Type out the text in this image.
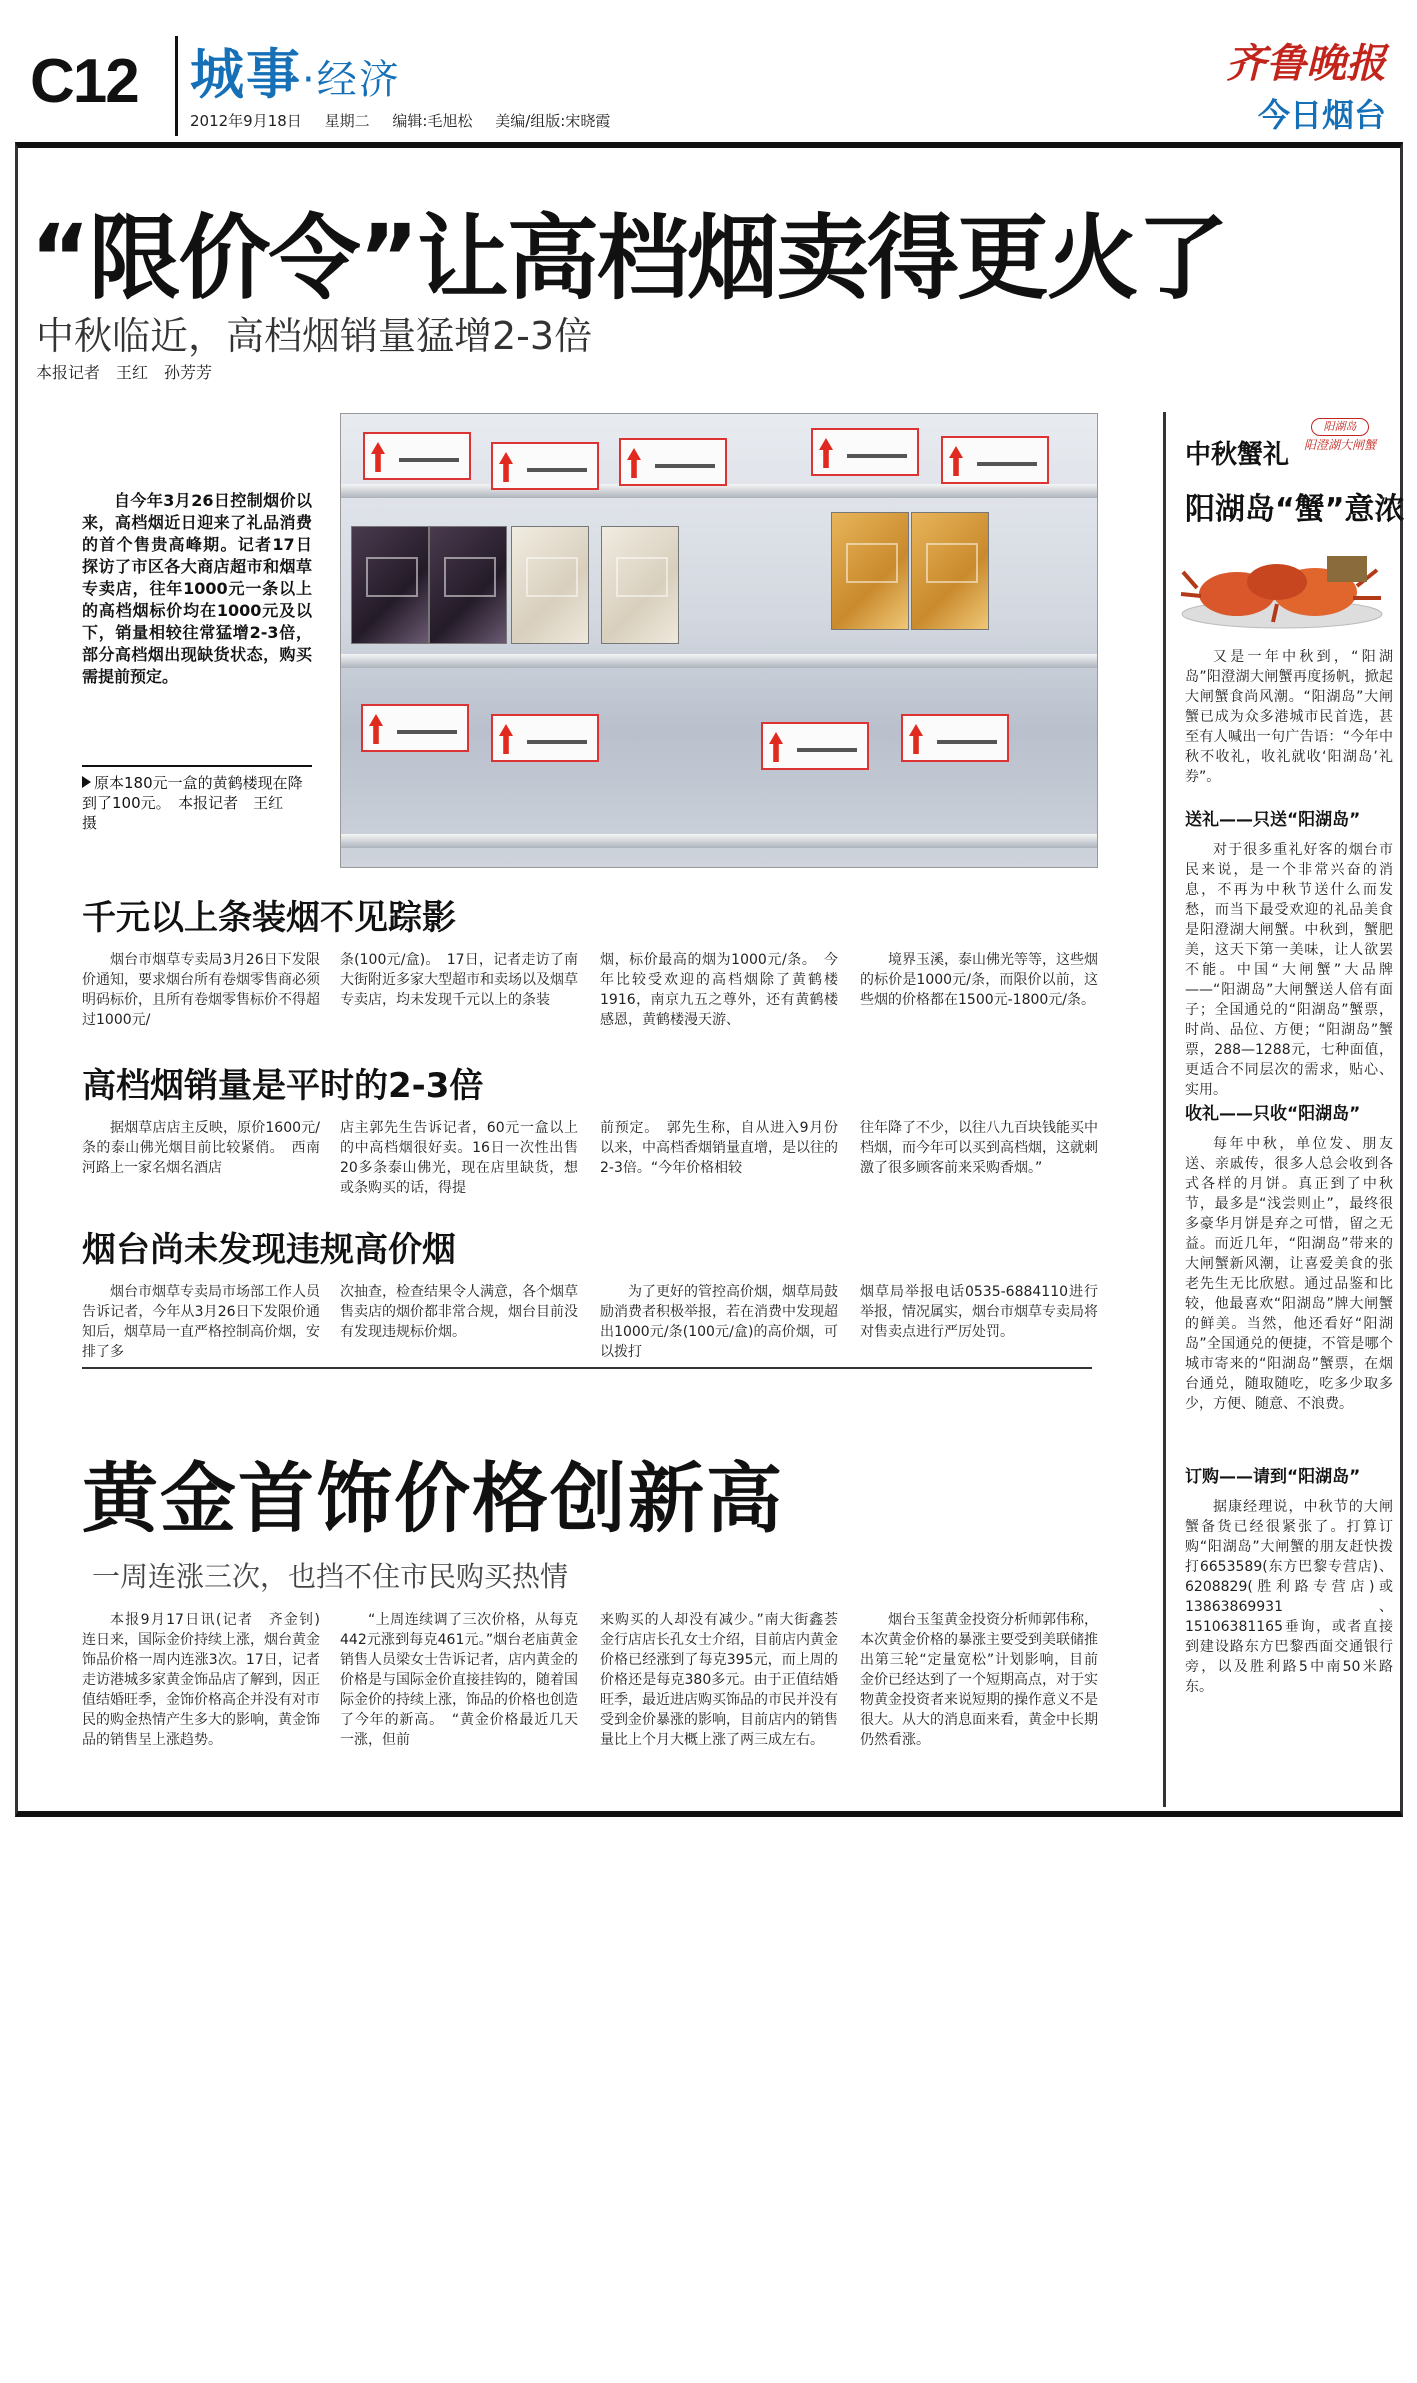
C12 城事·经济
2012年9月18日 星期二 编辑:毛旭松 美编/组版:宋晓霞
齐鲁晚报
今日烟台
“限价令”让高档烟卖得更火了
中秋临近，高档烟销量猛增2-3倍
本报记者　王红　孙芳芳
自今年3月26日控制烟价以来，高档烟近日迎来了礼品消费的首个售贵高峰期。记者17日探访了市区各大商店超市和烟草专卖店，往年1000元一条以上的高档烟标价均在1000元及以下，销量相较往常猛增2-3倍，部分高档烟出现缺货状态，购买需提前预定。
原本180元一盒的黄鹤楼现在降到了100元。　本报记者　王红　摄
千元以上条装烟不见踪影
烟台市烟草专卖局3月26日下发限价通知，要求烟台所有卷烟零售商必须明码标价，且所有卷烟零售标价不得超过1000元/
条(100元/盒)。　17日，记者走访了南大街附近多家大型超市和卖场以及烟草专卖店，均未发现千元以上的条装
烟，标价最高的烟为1000元/条。　今年比较受欢迎的高档烟除了黄鹤楼1916，南京九五之尊外，还有黄鹤楼感恩，黄鹤楼漫天游、
境界玉溪，泰山佛光等等，这些烟的标价是1000元/条，而限价以前，这些烟的价格都在1500元-1800元/条。
高档烟销量是平时的2-3倍
据烟草店店主反映，原价1600元/条的泰山佛光烟目前比较紧俏。　西南河路上一家名烟名酒店
店主郭先生告诉记者，60元一盒以上的中高档烟很好卖。16日一次性出售20多条泰山佛光，现在店里缺货，想或条购买的话，得提
前预定。　郭先生称，自从进入9月份以来，中高档香烟销量直增，是以往的2-3倍。“今年价格相较
往年降了不少，以往八九百块钱能买中档烟，而今年可以买到高档烟，这就刺激了很多顾客前来采购香烟。”
烟台尚未发现违规高价烟
烟台市烟草专卖局市场部工作人员告诉记者，今年从3月26日下发限价通知后，烟草局一直严格控制高价烟，安排了多
次抽查，检查结果令人满意，各个烟草售卖店的烟价都非常合规，烟台目前没有发现违规标价烟。
为了更好的管控高价烟，烟草局鼓励消费者积极举报，若在消费中发现超出1000元/条(100元/盒)的高价烟，可以拨打
烟草局举报电话0535-6884110进行举报，情况属实，烟台市烟草专卖局将对售卖点进行严厉处罚。
黄金首饰价格创新高
一周连涨三次，也挡不住市民购买热情
本报9月17日讯(记者　齐金钊)　连日来，国际金价持续上涨，烟台黄金饰品价格一周内连涨3次。17日，记者走访港城多家黄金饰品店了解到，因正值结婚旺季，金饰价格高企并没有对市民的购金热情产生多大的影响，黄金饰品的销售呈上涨趋势。
“上周连续调了三次价格，从每克442元涨到每克461元。”烟台老庙黄金销售人员梁女士告诉记者，店内黄金的价格是与国际金价直接挂钩的，随着国际金价的持续上涨，饰品的价格也创造了今年的新高。　“黄金价格最近几天一涨，但前
来购买的人却没有减少。”南大街鑫荟金行店店长孔女士介绍，目前店内黄金价格已经涨到了每克395元，而上周的价格还是每克380多元。由于正值结婚旺季，最近进店购买饰品的市民并没有受到金价暴涨的影响，目前店内的销售量比上个月大概上涨了两三成左右。
烟台玉玺黄金投资分析师郭伟称，本次黄金价格的暴涨主要受到美联储推出第三轮“定量宽松”计划影响，目前金价已经达到了一个短期高点，对于实物黄金投资者来说短期的操作意义不是很大。从大的消息面来看，黄金中长期仍然看涨。
中秋蟹礼
阳湖岛
阳澄湖大闸蟹
阳湖岛“蟹”意浓
又是一年中秋到，“阳湖岛”阳澄湖大闸蟹再度扬帆，掀起大闸蟹食尚风潮。“阳湖岛”大闸蟹已成为众多港城市民首选，甚至有人喊出一句广告语：“今年中秋不收礼，收礼就收‘阳湖岛’礼券”。
送礼——只送“阳湖岛”
对于很多重礼好客的烟台市民来说，是一个非常兴奋的消息，不再为中秋节送什么而发愁，而当下最受欢迎的礼品美食是阳澄湖大闸蟹。中秋到，蟹肥美，这天下第一美味，让人欲罢不能。中国“大闸蟹”大品牌——“阳湖岛”大闸蟹送人倍有面子；全国通兑的“阳湖岛”蟹票，时尚、品位、方便；“阳湖岛”蟹票，288—1288元，七种面值，更适合不同层次的需求，贴心、实用。
收礼——只收“阳湖岛”
每年中秋，单位发、朋友送、亲戚传，很多人总会收到各式各样的月饼。真正到了中秋节，最多是“浅尝则止”，最终很多豪华月饼是弃之可惜，留之无益。而近几年，“阳湖岛”带来的大闸蟹新风潮，让喜爱美食的张老先生无比欣慰。通过品鉴和比较，他最喜欢“阳湖岛”牌大闸蟹的鲜美。当然，他还看好“阳湖岛”全国通兑的便捷，不管是哪个城市寄来的“阳湖岛”蟹票，在烟台通兑，随取随吃，吃多少取多少，方便、随意、不浪费。
订购——请到“阳湖岛”
据康经理说，中秋节的大闸蟹备货已经很紧张了。打算订购“阳湖岛”大闸蟹的朋友赶快拨打6653589(东方巴黎专营店)、6208829(胜利路专营店)或13863869931、15106381165垂询，或者直接到建设路东方巴黎西面交通银行旁，以及胜利路5中南50米路东。
